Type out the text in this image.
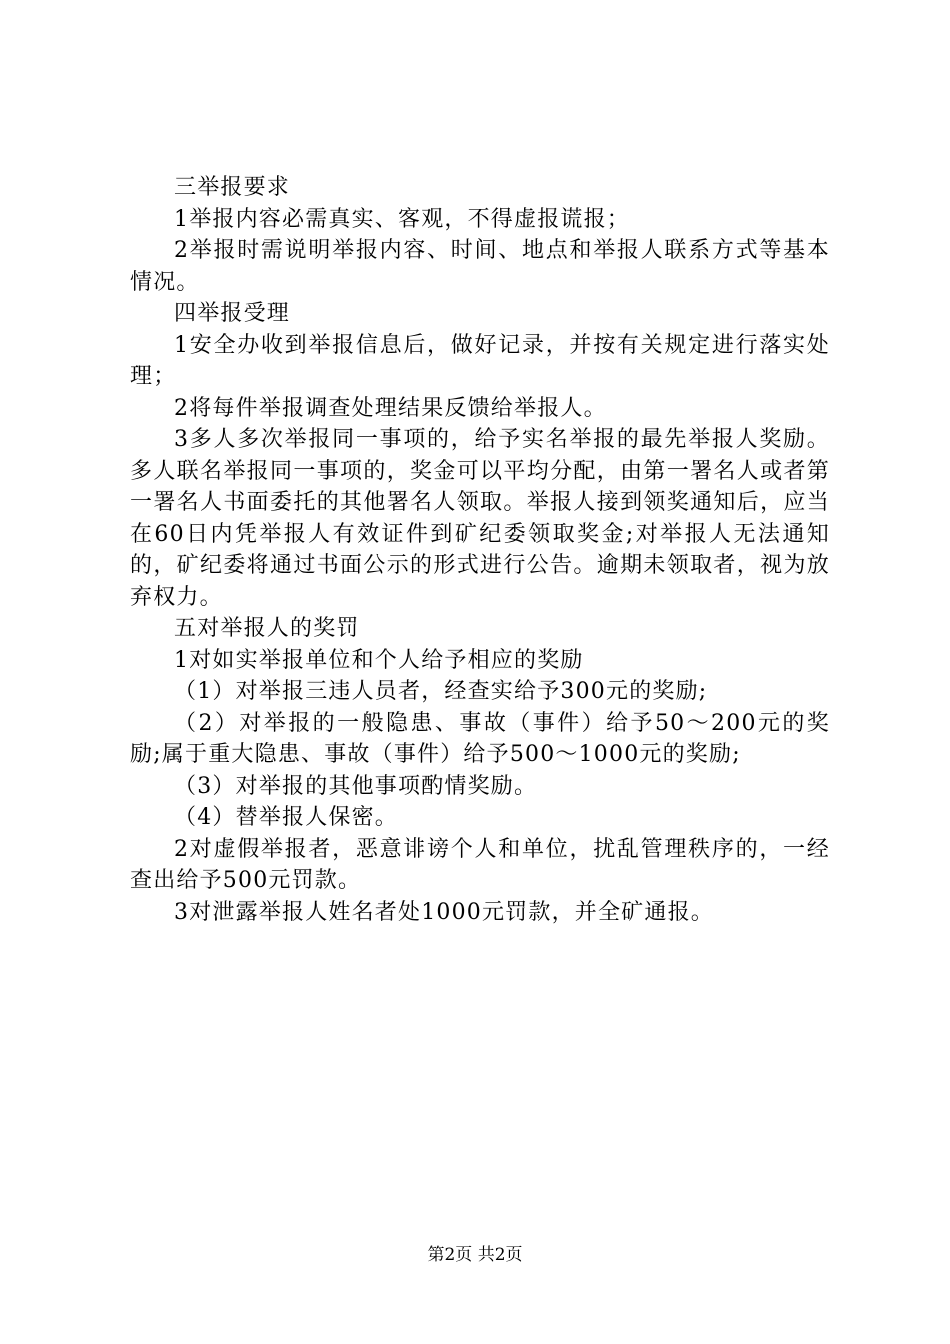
三举报要求

1举报内容必需真实、客观，不得虚报谎报；

2举报时需说明举报内容、时间、地点和举报人联系方式等基本情况。

四举报受理

1安全办收到举报信息后，做好记录，并按有关规定进行落实处理；

2将每件举报调查处理结果反馈给举报人。

3多人多次举报同一事项的，给予实名举报的最先举报人奖励。多人联名举报同一事项的，奖金可以平均分配，由第一署名人或者第一署名人书面委托的其他署名人领取。举报人接到领奖通知后，应当在60日内凭举报人有效证件到矿纪委领取奖金;对举报人无法通知的，矿纪委将通过书面公示的形式进行公告。逾期未领取者，视为放弃权力。

五对举报人的奖罚

1对如实举报单位和个人给予相应的奖励

（1）对举报三违人员者，经查实给予300元的奖励;

（2）对举报的一般隐患、事故（事件）给予50～200元的奖励;属于重大隐患、事故（事件）给予500～1000元的奖励;

（3）对举报的其他事项酌情奖励。

（4）替举报人保密。

2对虚假举报者，恶意诽谤个人和单位，扰乱管理秩序的，一经查出给予500元罚款。

3对泄露举报人姓名者处1000元罚款，并全矿通报。

第2页 共2页
